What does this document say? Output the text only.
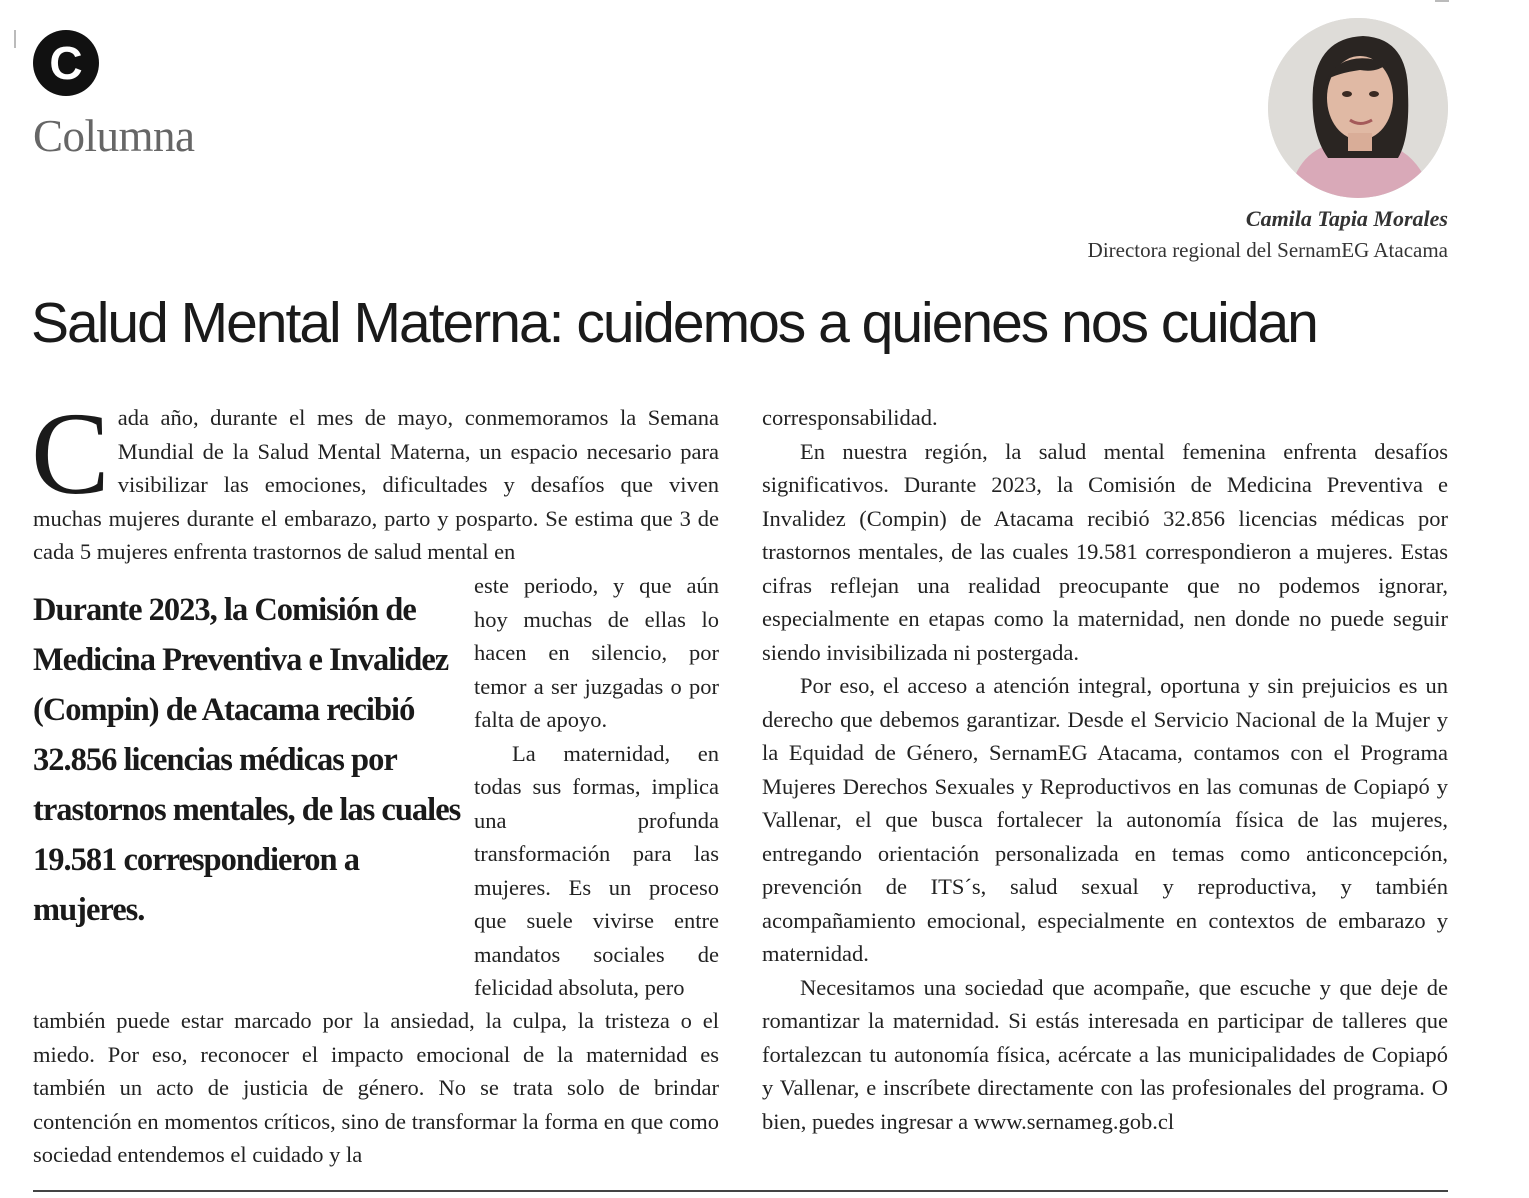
C
Columna
Camila Tapia Morales
Directora regional del SernamEG Atacama
Salud Mental Materna: cuidemos a quienes nos cuidan

Cada año, durante el mes de mayo, conmemoramos la Semana Mundial de la Salud Mental Materna, un espacio necesario para visibilizar las emociones, dificultades y desafíos que viven muchas mujeres durante el embarazo, parto y posparto. Se estima que 3 de cada 5 mujeres enfrenta trastornos de salud mental en

Durante 2023, la Comisión de Medicina Preventiva e Invalidez (Compin) de Atacama recibió 32.856 licencias médicas por trastornos mentales, de las cuales 19.581 correspondieron a mujeres.

este periodo, y que aún hoy muchas de ellas lo hacen en silencio, por temor a ser juzgadas o por falta de apoyo.

La maternidad, en todas sus formas, implica una profunda transformación para las mujeres. Es un proceso que suele vivirse entre mandatos sociales de felicidad absoluta, pero

también puede estar marcado por la ansiedad, la culpa, la tristeza o el miedo. Por eso, reconocer el impacto emocional de la maternidad es también un acto de justicia de género. No se trata solo de brindar contención en momentos críticos, sino de transformar la forma en que como sociedad entendemos el cuidado y la

corresponsabilidad.

En nuestra región, la salud mental femenina enfrenta desafíos significativos. Durante 2023, la Comisión de Medicina Preventiva e Invalidez (Compin) de Atacama recibió 32.856 licencias médicas por trastornos mentales, de las cuales 19.581 correspondieron a mujeres. Estas cifras reflejan una realidad preocupante que no podemos ignorar, especialmente en etapas como la maternidad, nen donde no puede seguir siendo invisibilizada ni postergada.

Por eso, el acceso a atención integral, oportuna y sin prejuicios es un derecho que debemos garantizar. Desde el Servicio Nacional de la Mujer y la Equidad de Género, SernamEG Atacama, contamos con el Programa Mujeres Derechos Sexuales y Reproductivos en las comunas de Copiapó y Vallenar, el que busca fortalecer la autonomía física de las mujeres, entregando orientación personalizada en temas como anticoncepción, prevención de ITS´s, salud sexual y reproductiva, y también acompañamiento emocional, especialmente en contextos de embarazo y maternidad.

Necesitamos una sociedad que acompañe, que escuche y que deje de romantizar la maternidad. Si estás interesada en participar de talleres que fortalezcan tu autonomía física, acércate a las municipalidades de Copiapó y Vallenar, e inscríbete directamente con las profesionales del programa. O bien, puedes ingresar a www.sernameg.gob.cl
